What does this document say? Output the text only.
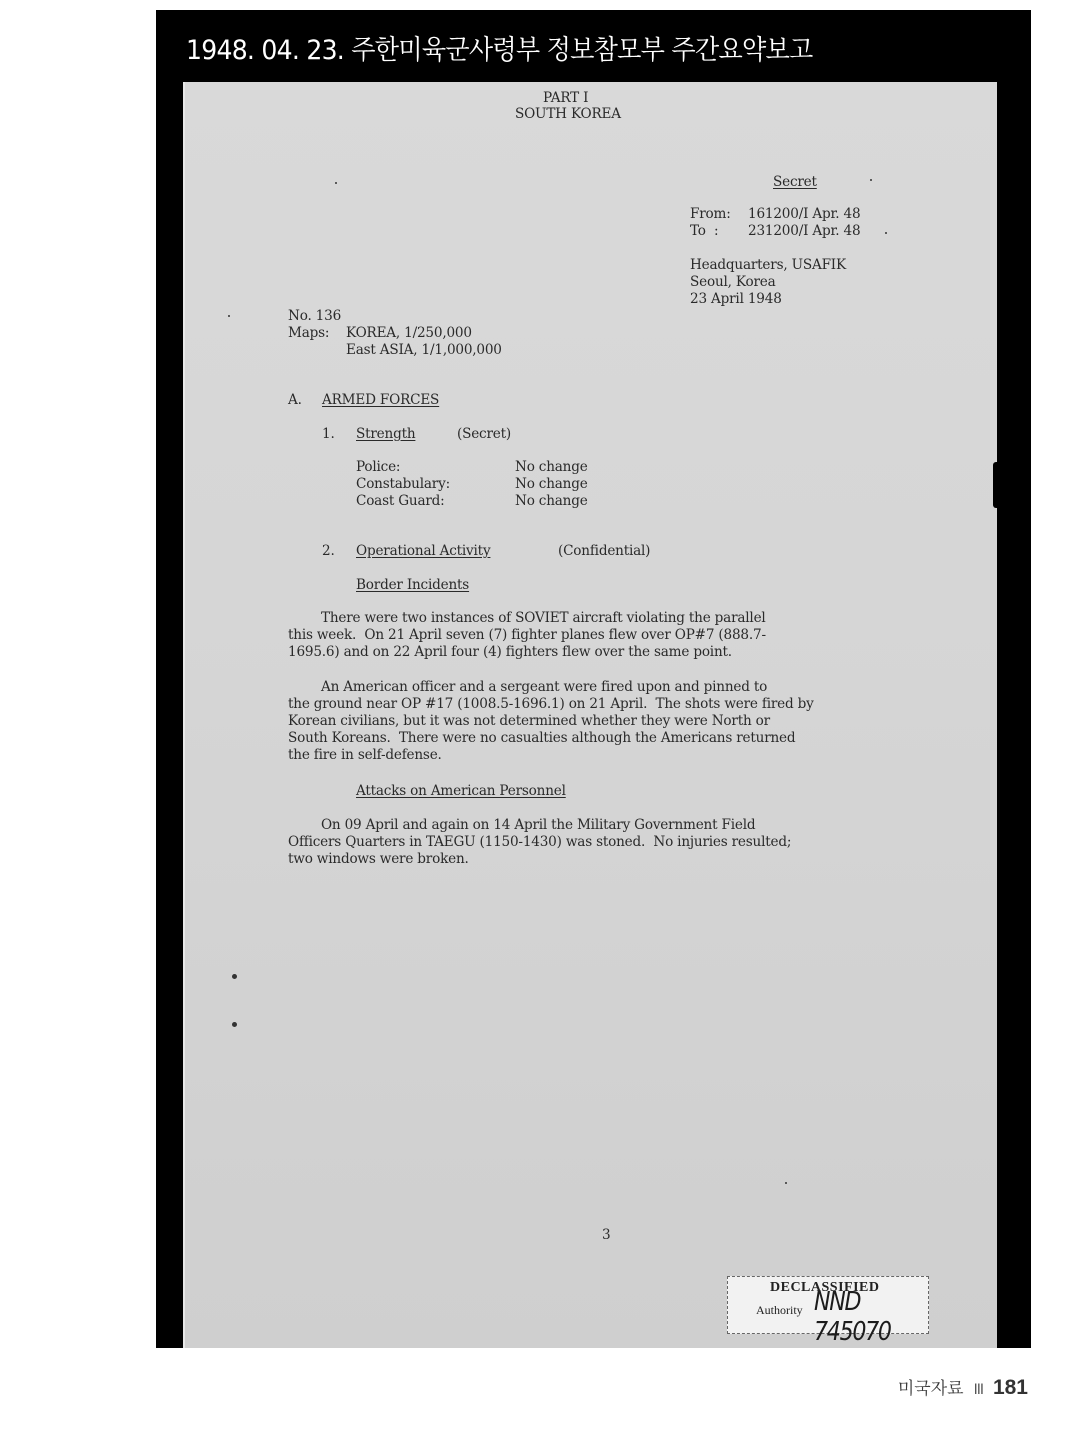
1948. 04. 23. 주한미육군사령부 정보참모부 주간요약보고
PART I
SOUTH KOREA
Secret
From: 161200/I Apr. 48
To  : 231200/I Apr. 48
Headquarters, USAFIK
Seoul, Korea
23 April 1948
No. 136
Maps: KOREA, 1/250,000
East ASIA, 1/1,000,000
A. ARMED FORCES
1. Strength	(Secret)
Police:	No change
Constabulary:	No change
Coast Guard:	No change
2. Operational Activity	(Confidential)
Border Incidents
There were two instances of SOVIET aircraft violating the parallel
this week.  On 21 April seven (7) fighter planes flew over OP#7 (888.7-
1695.6) and on 22 April four (4) fighters flew over the same point.
An American officer and a sergeant were fired upon and pinned to
the ground near OP #17 (1008.5-1696.1) on 21 April.  The shots were fired by
Korean civilians, but it was not determined whether they were North or
South Koreans.  There were no casualties although the Americans returned
the fire in self-defense.
Attacks on American Personnel
On 09 April and again on 14 April the Military Government Field
Officers Quarters in TAEGU (1150-1430) was stoned.  No injuries resulted;
two windows were broken.
3
DECLASSIFIED
Authority NND 745070
미국자료 III 181
